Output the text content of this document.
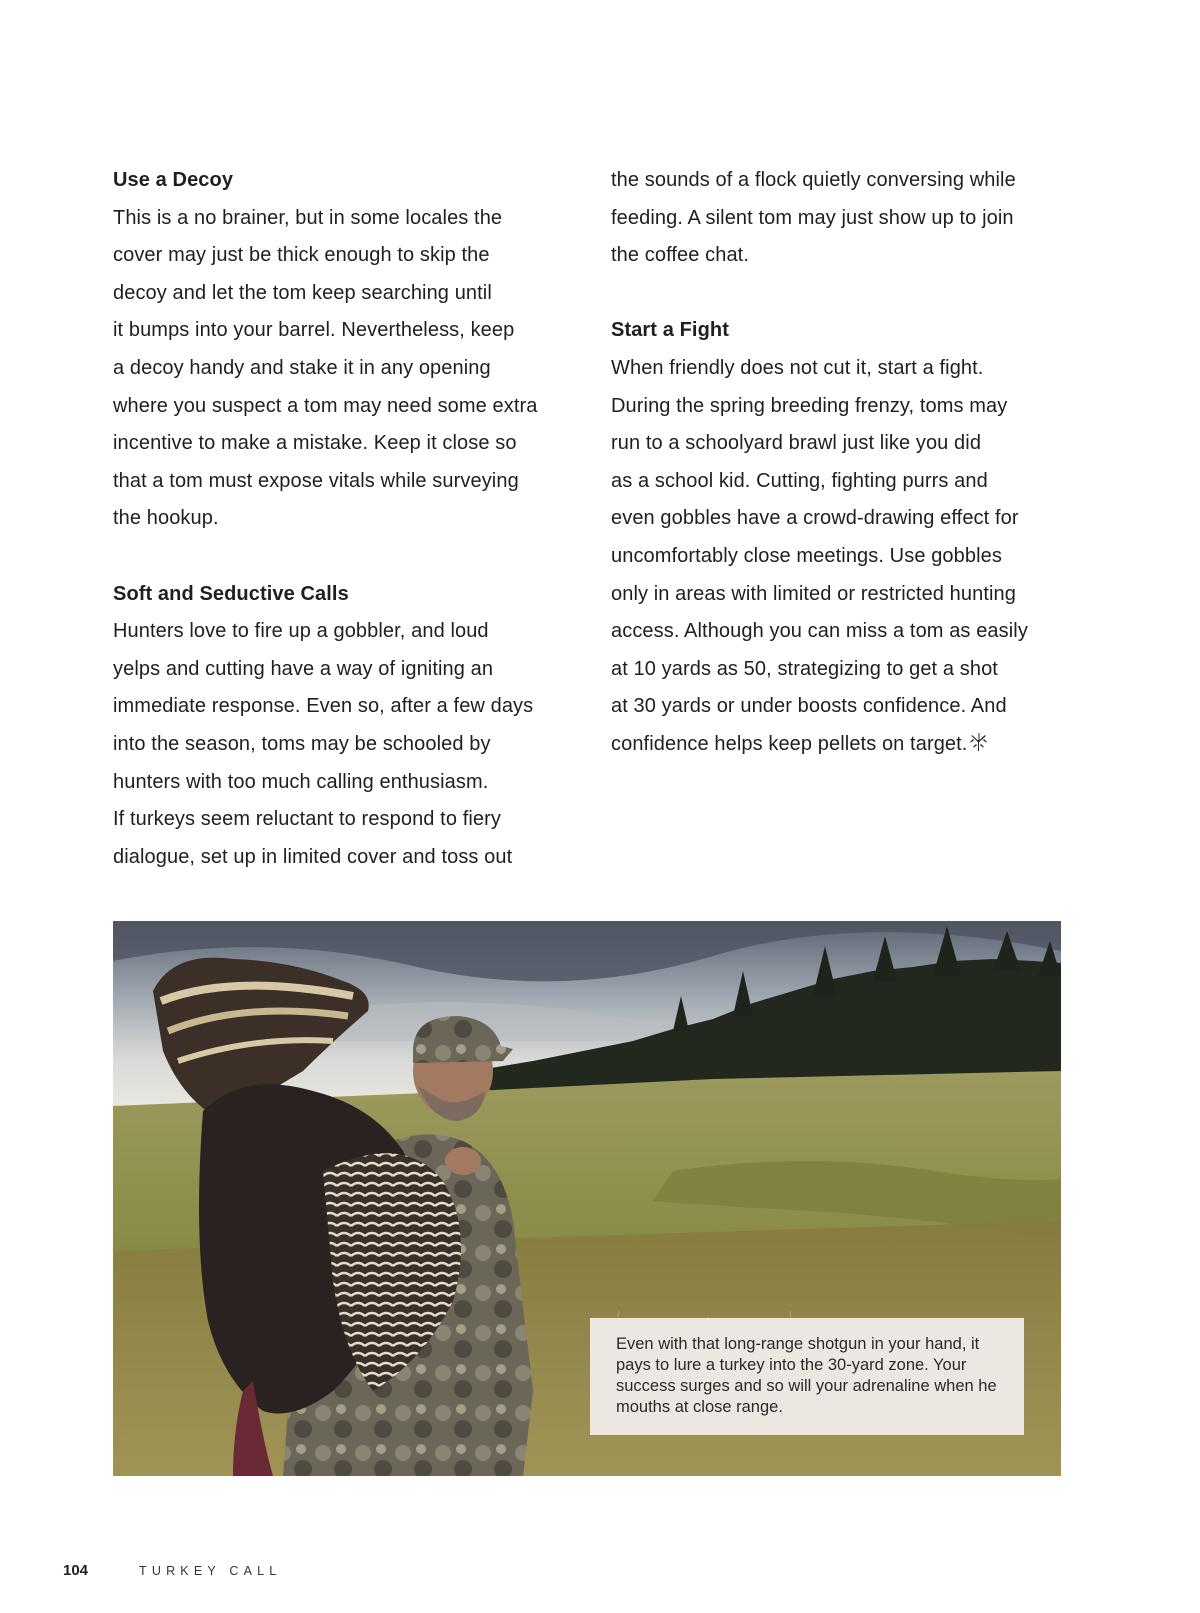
Use a Decoy

This is a no brainer, but in some locales the
cover may just be thick enough to skip the
decoy and let the tom keep searching until
it bumps into your barrel. Nevertheless, keep
a decoy handy and stake it in any opening
where you suspect a tom may need some extra
incentive to make a mistake. Keep it close so
that a tom must expose vitals while surveying
the hookup.

Soft and Seductive Calls

Hunters love to fire up a gobbler, and loud
yelps and cutting have a way of igniting an
immediate response. Even so, after a few days
into the season, toms may be schooled by
hunters with too much calling enthusiasm.
If turkeys seem reluctant to respond to fiery
dialogue, set up in limited cover and toss out

the sounds of a flock quietly conversing while
feeding. A silent tom may just show up to join
the coffee chat.

Start a Fight

When friendly does not cut it, start a fight.
During the spring breeding frenzy, toms may
run to a schoolyard brawl just like you did
as a school kid. Cutting, fighting purrs and
even gobbles have a crowd-drawing effect for
uncomfortably close meetings. Use gobbles
only in areas with limited or restricted hunting
access. Although you can miss a tom as easily
at 10 yards as 50, strategizing to get a shot
at 30 yards or under boosts confidence. And
confidence helps keep pellets on target.

Even with that long-range shotgun in your hand, it pays to lure a turkey into the 30-yard zone. Your success surges and so will your adrenaline when he mouths at close range.
104	TURKEY CALL
